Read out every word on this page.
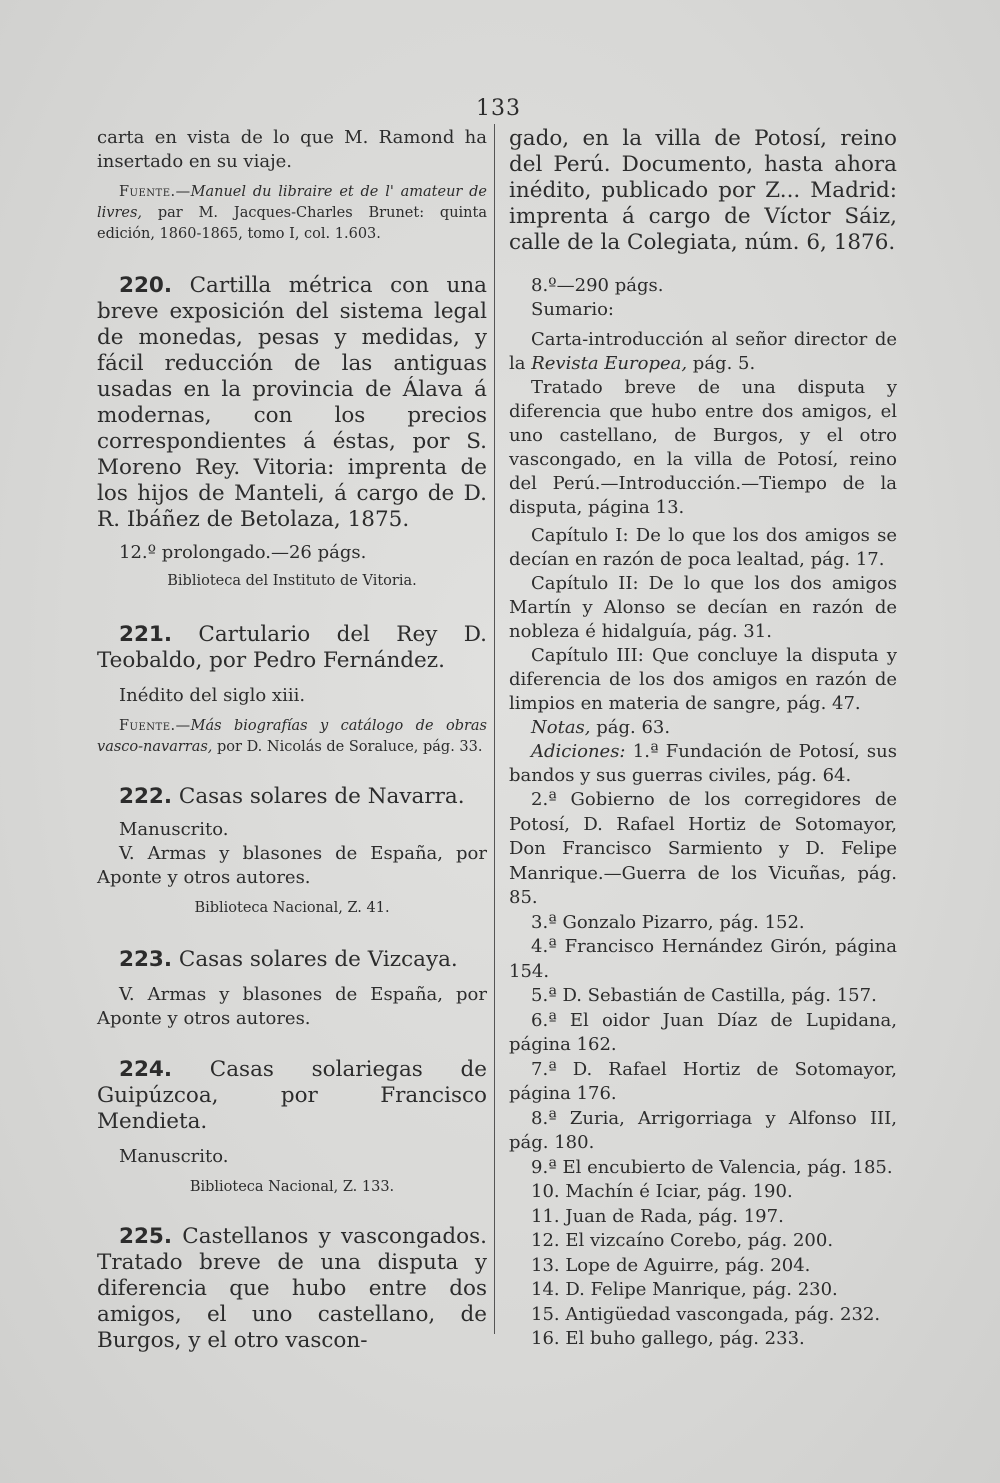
133

carta en vista de lo que M. Ramond ha insertado en su viaje.

Fuente.—Manuel du libraire et de l' amateur de livres, par M. Jacques-Charles Brunet: quinta edición, 1860-1865, tomo I, col. 1.603.

220. Cartilla métrica con una breve exposición del sistema legal de monedas, pesas y medidas, y fácil reducción de las antiguas usadas en la provincia de Álava á modernas, con los precios correspondientes á éstas, por S. Moreno Rey. Vitoria: imprenta de los hijos de Manteli, á cargo de D. R. Ibáñez de Betolaza, 1875.

12.º prolongado.—26 págs.

Biblioteca del Instituto de Vitoria.

221. Cartulario del Rey D. Teobaldo, por Pedro Fernández.

Inédito del siglo xiii.

Fuente.—Más biografías y catálogo de obras vasco-navarras, por D. Nicolás de Soraluce, pág. 33.

222. Casas solares de Navarra.

Manuscrito.

V. Armas y blasones de España, por Aponte y otros autores.

Biblioteca Nacional, Z. 41.

223. Casas solares de Vizcaya.

V. Armas y blasones de España, por Aponte y otros autores.

224. Casas solariegas de Guipúzcoa, por Francisco Mendieta.

Manuscrito.

Biblioteca Nacional, Z. 133.

225. Castellanos y vascongados. Tratado breve de una disputa y diferencia que hubo entre dos amigos, el uno castellano, de Burgos, y el otro vascon-

gado, en la villa de Potosí, reino del Perú. Documento, hasta ahora inédito, publicado por Z... Madrid: imprenta á cargo de Víctor Sáiz, calle de la Colegiata, núm. 6, 1876.

8.º—290 págs.

Sumario:

Carta-introducción al señor director de la Revista Europea, pág. 5.

Tratado breve de una disputa y diferencia que hubo entre dos amigos, el uno castellano, de Burgos, y el otro vascongado, en la villa de Potosí, reino del Perú.—Introducción.—Tiempo de la disputa, página 13.

Capítulo I: De lo que los dos amigos se decían en razón de poca lealtad, pág. 17.

Capítulo II: De lo que los dos amigos Martín y Alonso se decían en razón de nobleza é hidalguía, pág. 31.

Capítulo III: Que concluye la disputa y diferencia de los dos amigos en razón de limpios en materia de sangre, pág. 47.

Notas, pág. 63.

Adiciones: 1.ª Fundación de Potosí, sus bandos y sus guerras civiles, pág. 64.

2.ª Gobierno de los corregidores de Potosí, D. Rafael Hortiz de Sotomayor, Don Francisco Sarmiento y D. Felipe Manrique.—Guerra de los Vicuñas, pág. 85.
3.ª Gonzalo Pizarro, pág. 152.
4.ª Francisco Hernández Girón, página 154.
5.ª D. Sebastián de Castilla, pág. 157.
6.ª El oidor Juan Díaz de Lupidana, página 162.
7.ª D. Rafael Hortiz de Sotomayor, página 176.
8.ª Zuria, Arrigorriaga y Alfonso III, pág. 180.
9.ª El encubierto de Valencia, pág. 185.
10. Machín é Iciar, pág. 190.
11. Juan de Rada, pág. 197.
12. El vizcaíno Corebo, pág. 200.
13. Lope de Aguirre, pág. 204.
14. D. Felipe Manrique, pág. 230.
15. Antigüedad vascongada, pág. 232.
16. El buho gallego, pág. 233.
